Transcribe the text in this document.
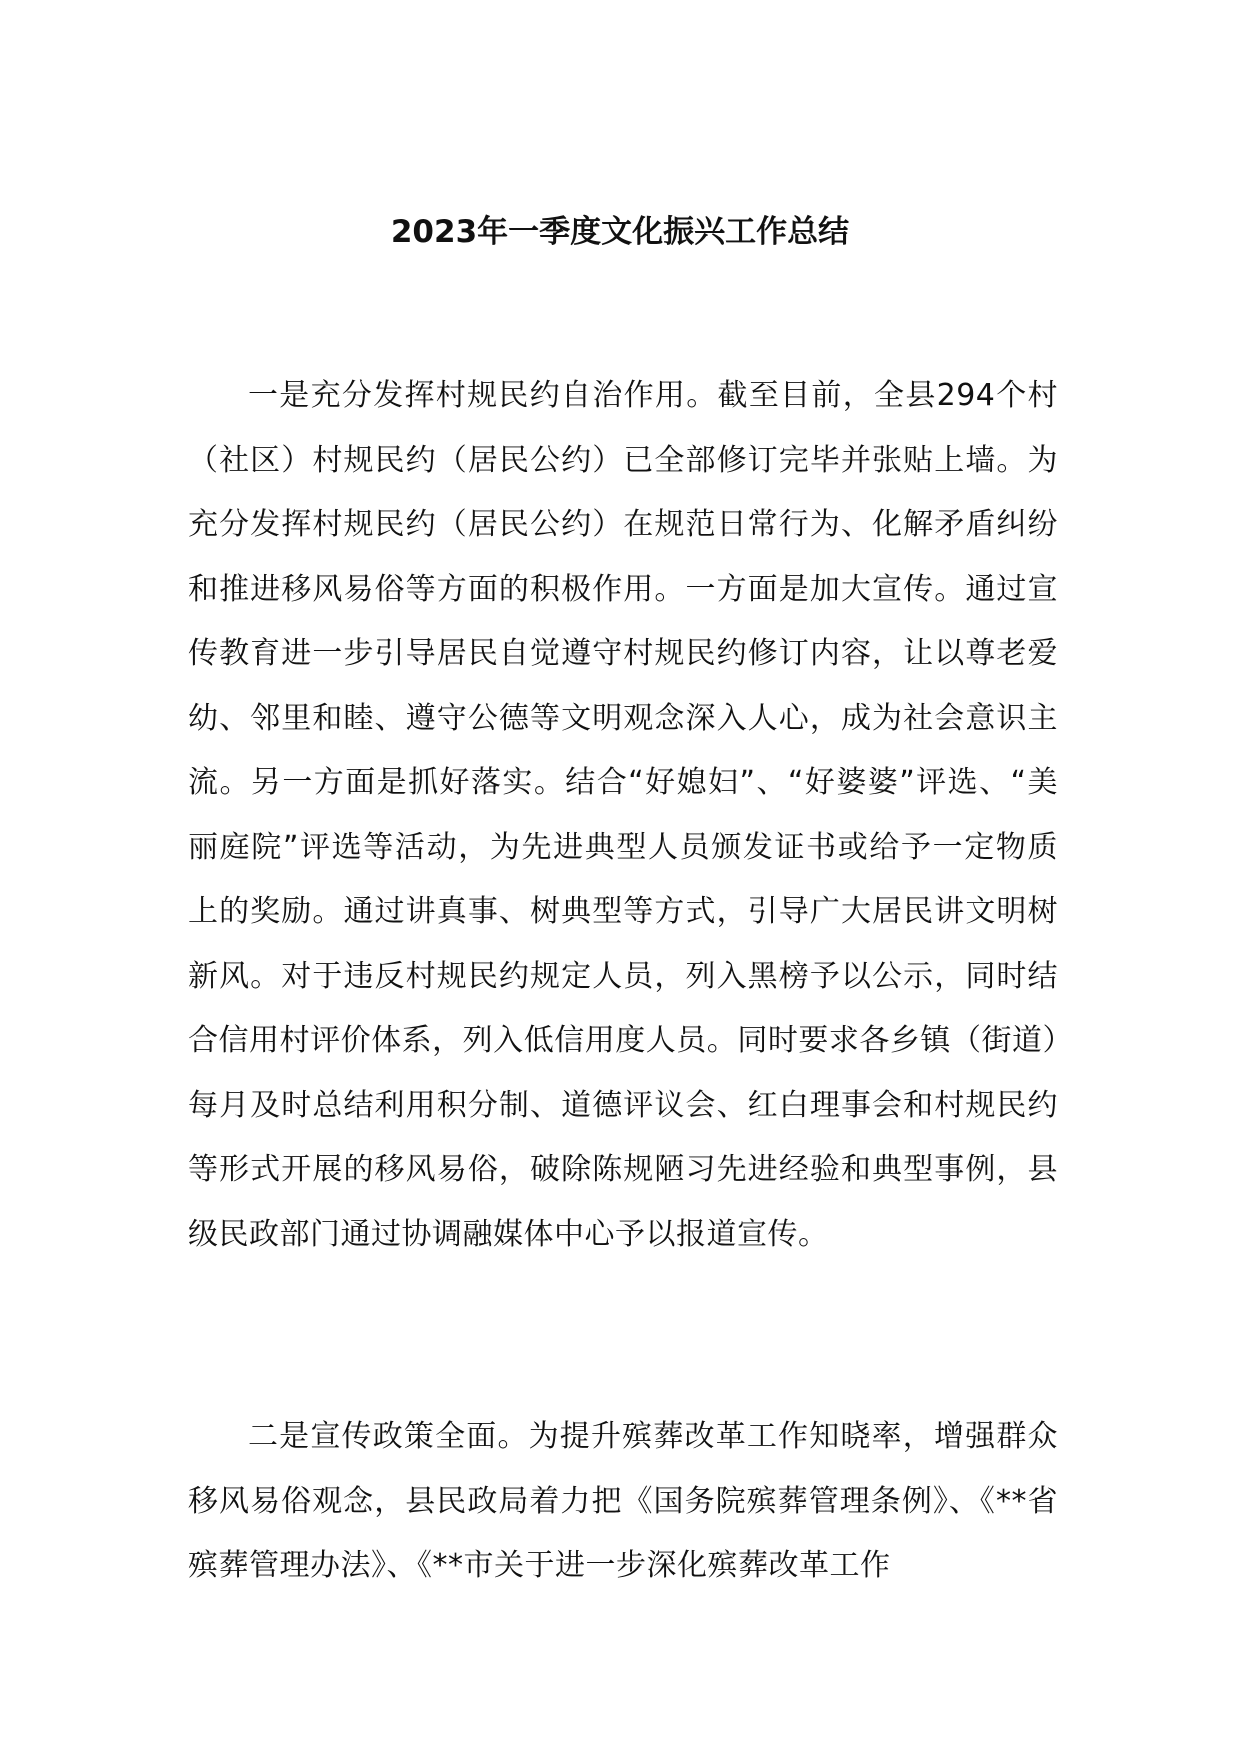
2023年一季度文化振兴工作总结

一是充分发挥村规民约自治作用。截至目前，全县294个村（社区）村规民约（居民公约）已全部修订完毕并张贴上墙。为充分发挥村规民约（居民公约）在规范日常行为、化解矛盾纠纷和推进移风易俗等方面的积极作用。一方面是加大宣传。通过宣传教育进一步引导居民自觉遵守村规民约修订内容，让以尊老爱幼、邻里和睦、遵守公德等文明观念深入人心，成为社会意识主流。另一方面是抓好落实。结合“好媳妇”、“好婆婆”评选、“美丽庭院”评选等活动，为先进典型人员颁发证书或给予一定物质上的奖励。通过讲真事、树典型等方式，引导广大居民讲文明树新风。对于违反村规民约规定人员，列入黑榜予以公示，同时结合信用村评价体系，列入低信用度人员。同时要求各乡镇（街道）每月及时总结利用积分制、道德评议会、红白理事会和村规民约等形式开展的移风易俗，破除陈规陋习先进经验和典型事例，县级民政部门通过协调融媒体中心予以报道宣传。

二是宣传政策全面。为提升殡葬改革工作知晓率，增强群众移风易俗观念，县民政局着力把《国务院殡葬管理条例》、《**省殡葬管理办法》、《**市关于进一步深化殡葬改革工作
